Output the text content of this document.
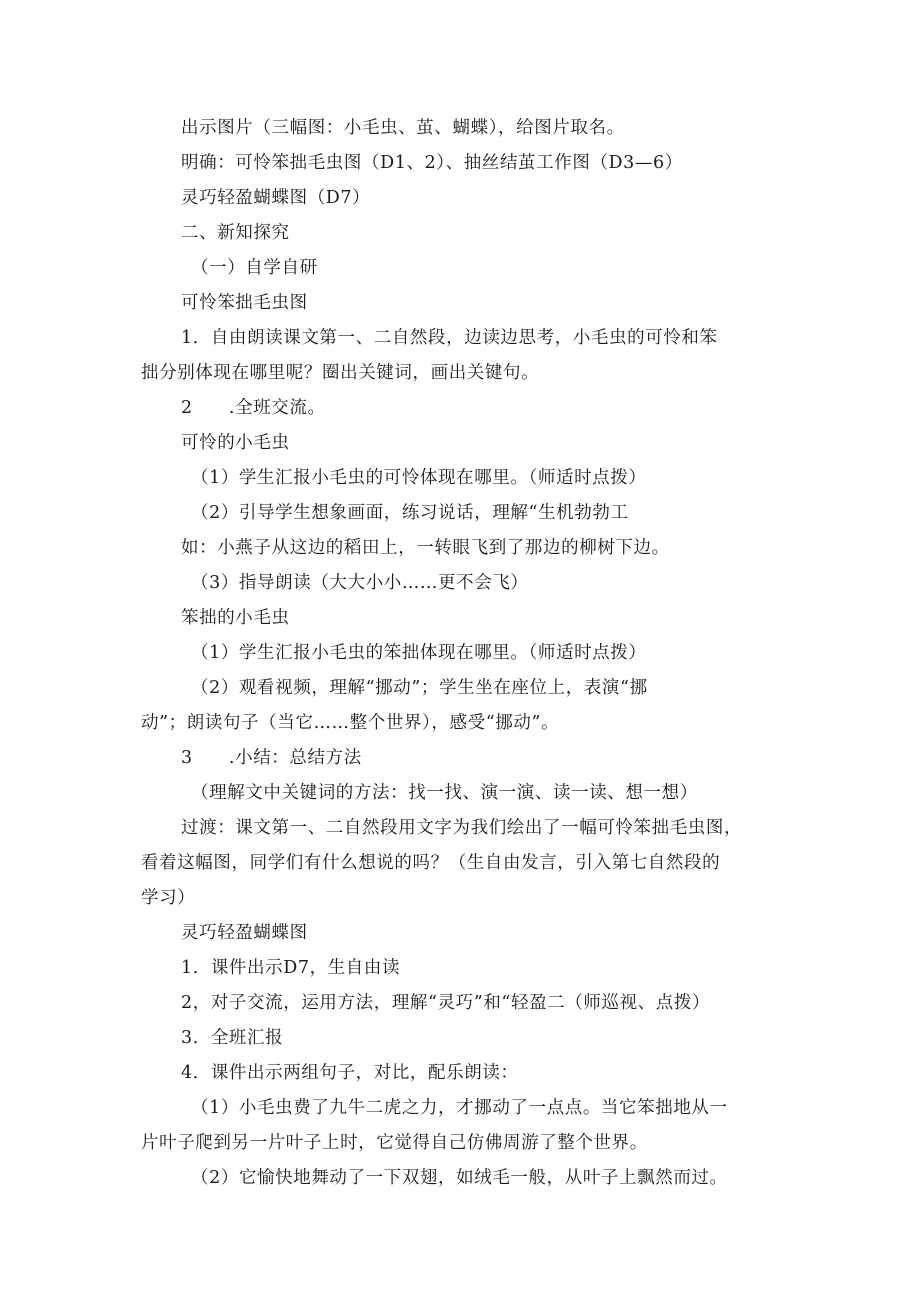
出示图片（三幅图：小毛虫、茧、蝴蝶），给图片取名。
明确：可怜笨拙毛虫图（D1、2）、抽丝结茧工作图（D3—6）
灵巧轻盈蝴蝶图（D7）
二、新知探究
（一）自学自研
可怜笨拙毛虫图
1．自由朗读课文第一、二自然段，边读边思考，小毛虫的可怜和笨
拙分别体现在哪里呢？圈出关键词，画出关键句。
2  .全班交流。
可怜的小毛虫
（1）学生汇报小毛虫的可怜体现在哪里。（师适时点拨）
（2）引导学生想象画面，练习说话，理解“生机勃勃工
如：小燕子从这边的稻田上，一转眼飞到了那边的柳树下边。
（3）指导朗读（大大小小……更不会飞）
笨拙的小毛虫
（1）学生汇报小毛虫的笨拙体现在哪里。（师适时点拨）
（2）观看视频，理解“挪动”；学生坐在座位上，表演“挪
动”；朗读句子（当它……整个世界），感受“挪动”。
3  .小结：总结方法
（理解文中关键词的方法：找一找、演一演、读一读、想一想）
过渡：课文第一、二自然段用文字为我们绘出了一幅可怜笨拙毛虫图，
看着这幅图，同学们有什么想说的吗？（生自由发言，引入第七自然段的
学习）
灵巧轻盈蝴蝶图
1．课件出示D7，生自由读
2，对子交流，运用方法，理解“灵巧”和“轻盈二（师巡视、点拨）
3．全班汇报
4．课件出示两组句子，对比，配乐朗读：
（1）小毛虫费了九牛二虎之力，才挪动了一点点。当它笨拙地从一
片叶子爬到另一片叶子上时，它觉得自己仿佛周游了整个世界。
（2）它愉快地舞动了一下双翅，如绒毛一般，从叶子上飘然而过。
